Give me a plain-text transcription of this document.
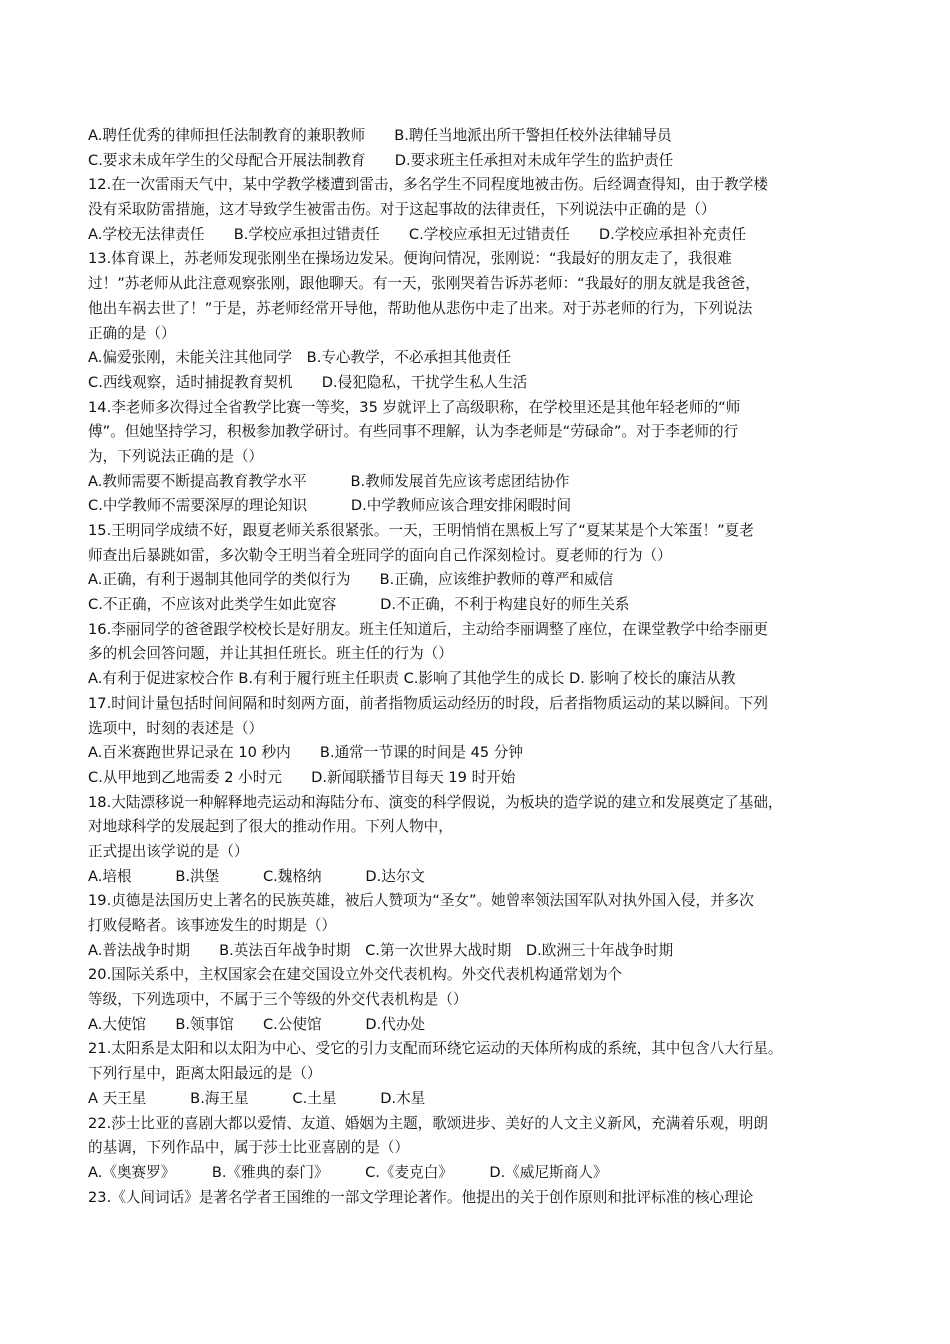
A.聘任优秀的律师担任法制教育的兼职教师　　B.聘任当地派出所干警担任校外法律辅导员
C.要求未成年学生的父母配合开展法制教育　　D.要求班主任承担对未成年学生的监护责任
12.在一次雷雨天气中，某中学教学楼遭到雷击，多名学生不同程度地被击伤。后经调查得知，由于教学楼
没有采取防雷措施，这才导致学生被雷击伤。对于这起事故的法律责任，下列说法中正确的是（）
A.学校无法律责任　　B.学校应承担过错责任　　C.学校应承担无过错责任　　D.学校应承担补充责任
13.体育课上，苏老师发现张刚坐在操场边发呆。便询问情况，张刚说：“我最好的朋友走了，我很难
过！”苏老师从此注意观察张刚，跟他聊天。有一天，张刚哭着告诉苏老师：“我最好的朋友就是我爸爸，
他出车祸去世了！”于是，苏老师经常开导他，帮助他从悲伤中走了出来。对于苏老师的行为，下列说法
正确的是（）
A.偏爱张刚，未能关注其他同学　B.专心教学，不必承担其他责任
C.西线观察，适时捕捉教育契机　　D.侵犯隐私，干扰学生私人生活
14.李老师多次得过全省教学比赛一等奖，35 岁就评上了高级职称，在学校里还是其他年轻老师的“师
傅”。但她坚持学习，积极参加教学研讨。有些同事不理解，认为李老师是“劳碌命”。对于李老师的行
为，下列说法正确的是（）
A.教师需要不断提高教育教学水平　　　B.教师发展首先应该考虑团结协作
C.中学教师不需要深厚的理论知识　　　D.中学教师应该合理安排闲暇时间
15.王明同学成绩不好，跟夏老师关系很紧张。一天，王明悄悄在黑板上写了“夏某某是个大笨蛋！”夏老
师查出后暴跳如雷，多次勒令王明当着全班同学的面向自己作深刻检讨。夏老师的行为（）
A.正确，有利于遏制其他同学的类似行为　　B.正确，应该维护教师的尊严和威信
C.不正确，不应该对此类学生如此宽容　　　D.不正确，不利于构建良好的师生关系
16.李丽同学的爸爸跟学校校长是好朋友。班主任知道后，主动给李丽调整了座位，在课堂教学中给李丽更
多的机会回答问题，并让其担任班长。班主任的行为（）
A.有利于促进家校合作 B.有利于履行班主任职责 C.影响了其他学生的成长 D. 影响了校长的廉洁从教
17.时间计量包括时间间隔和时刻两方面，前者指物质运动经历的时段，后者指物质运动的某以瞬间。下列
选项中，时刻的表述是（）
A.百米赛跑世界记录在 10 秒内　　B.通常一节课的时间是 45 分钟
C.从甲地到乙地需委 2 小时元　　D.新闻联播节目每天 19 时开始
18.大陆漂移说一种解释地壳运动和海陆分布、演变的科学假说，为板块的造学说的建立和发展奠定了基础，
对地球科学的发展起到了很大的推动作用。下列人物中，
正式提出该学说的是（）
A.培根　　　B.洪堡　　　C.魏格纳　　　D.达尔文
19.贞德是法国历史上著名的民族英雄，被后人赞项为“圣女”。她曾率领法国军队对执外国入侵，并多次
打败侵略者。该事迹发生的时期是（）
A.普法战争时期　　B.英法百年战争时期　C.第一次世界大战时期　D.欧洲三十年战争时期
20.国际关系中，主权国家会在建交国设立外交代表机构。外交代表机构通常划为个
等级，下列选项中，不属于三个等级的外交代表机构是（）
A.大使馆　　B.领事馆　　C.公使馆　　　D.代办处
21.太阳系是太阳和以太阳为中心、受它的引力支配而环绕它运动的天体所构成的系统，其中包含八大行星。
下列行星中，距离太阳最远的是（）
A 天王星　　　B.海王星　　　C.土星　　　D.木星
22.莎士比亚的喜剧大都以爱情、友道、婚姻为主题，歌颂进步、美好的人文主义新风，充满着乐观，明朗
的基调，下列作品中，属于莎士比亚喜剧的是（）
A.《奥赛罗》　　　B.《雅典的泰门》　　　C.《麦克白》　　　D.《威尼斯商人》
23.《人间词话》是著名学者王国维的一部文学理论著作。他提出的关于创作原则和批评标准的核心理论
